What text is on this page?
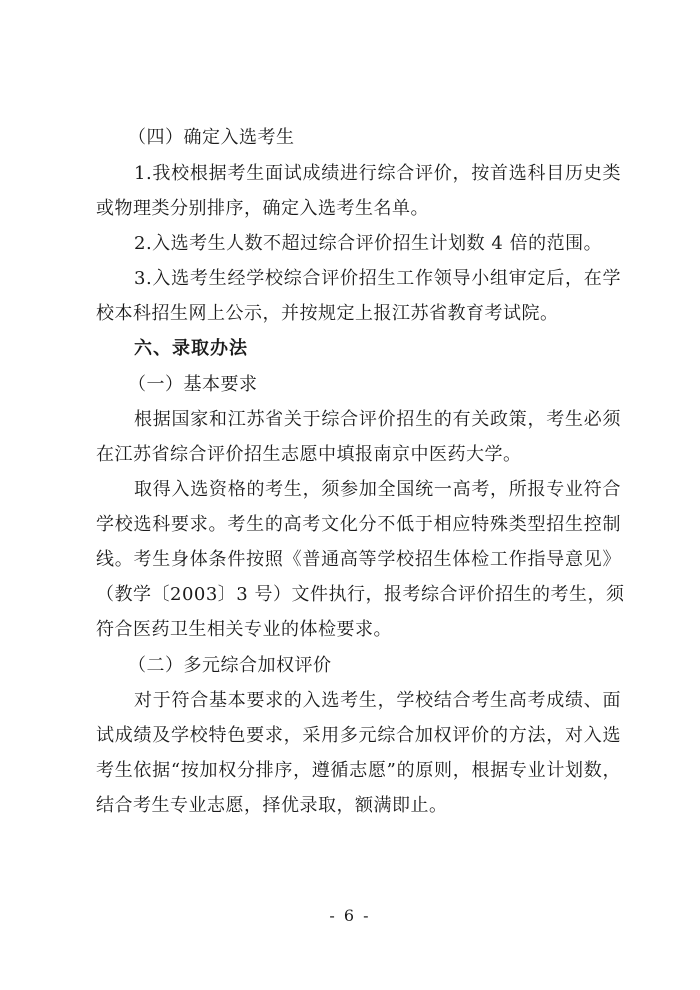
（四）确定入选考生
1.我校根据考生面试成绩进行综合评价，按首选科目历史类
或物理类分别排序，确定入选考生名单。
2.入选考生人数不超过综合评价招生计划数 4 倍的范围。
3.入选考生经学校综合评价招生工作领导小组审定后，在学
校本科招生网上公示，并按规定上报江苏省教育考试院。
六、录取办法
（一）基本要求
根据国家和江苏省关于综合评价招生的有关政策，考生必须
在江苏省综合评价招生志愿中填报南京中医药大学。
取得入选资格的考生，须参加全国统一高考，所报专业符合
学校选科要求。考生的高考文化分不低于相应特殊类型招生控制
线。考生身体条件按照《普通高等学校招生体检工作指导意见》
（教学〔2003〕3 号）文件执行，报考综合评价招生的考生，须
符合医药卫生相关专业的体检要求。
（二）多元综合加权评价
对于符合基本要求的入选考生，学校结合考生高考成绩、面
试成绩及学校特色要求，采用多元综合加权评价的方法，对入选
考生依据“按加权分排序，遵循志愿”的原则，根据专业计划数，
结合考生专业志愿，择优录取，额满即止。
- 6 -
